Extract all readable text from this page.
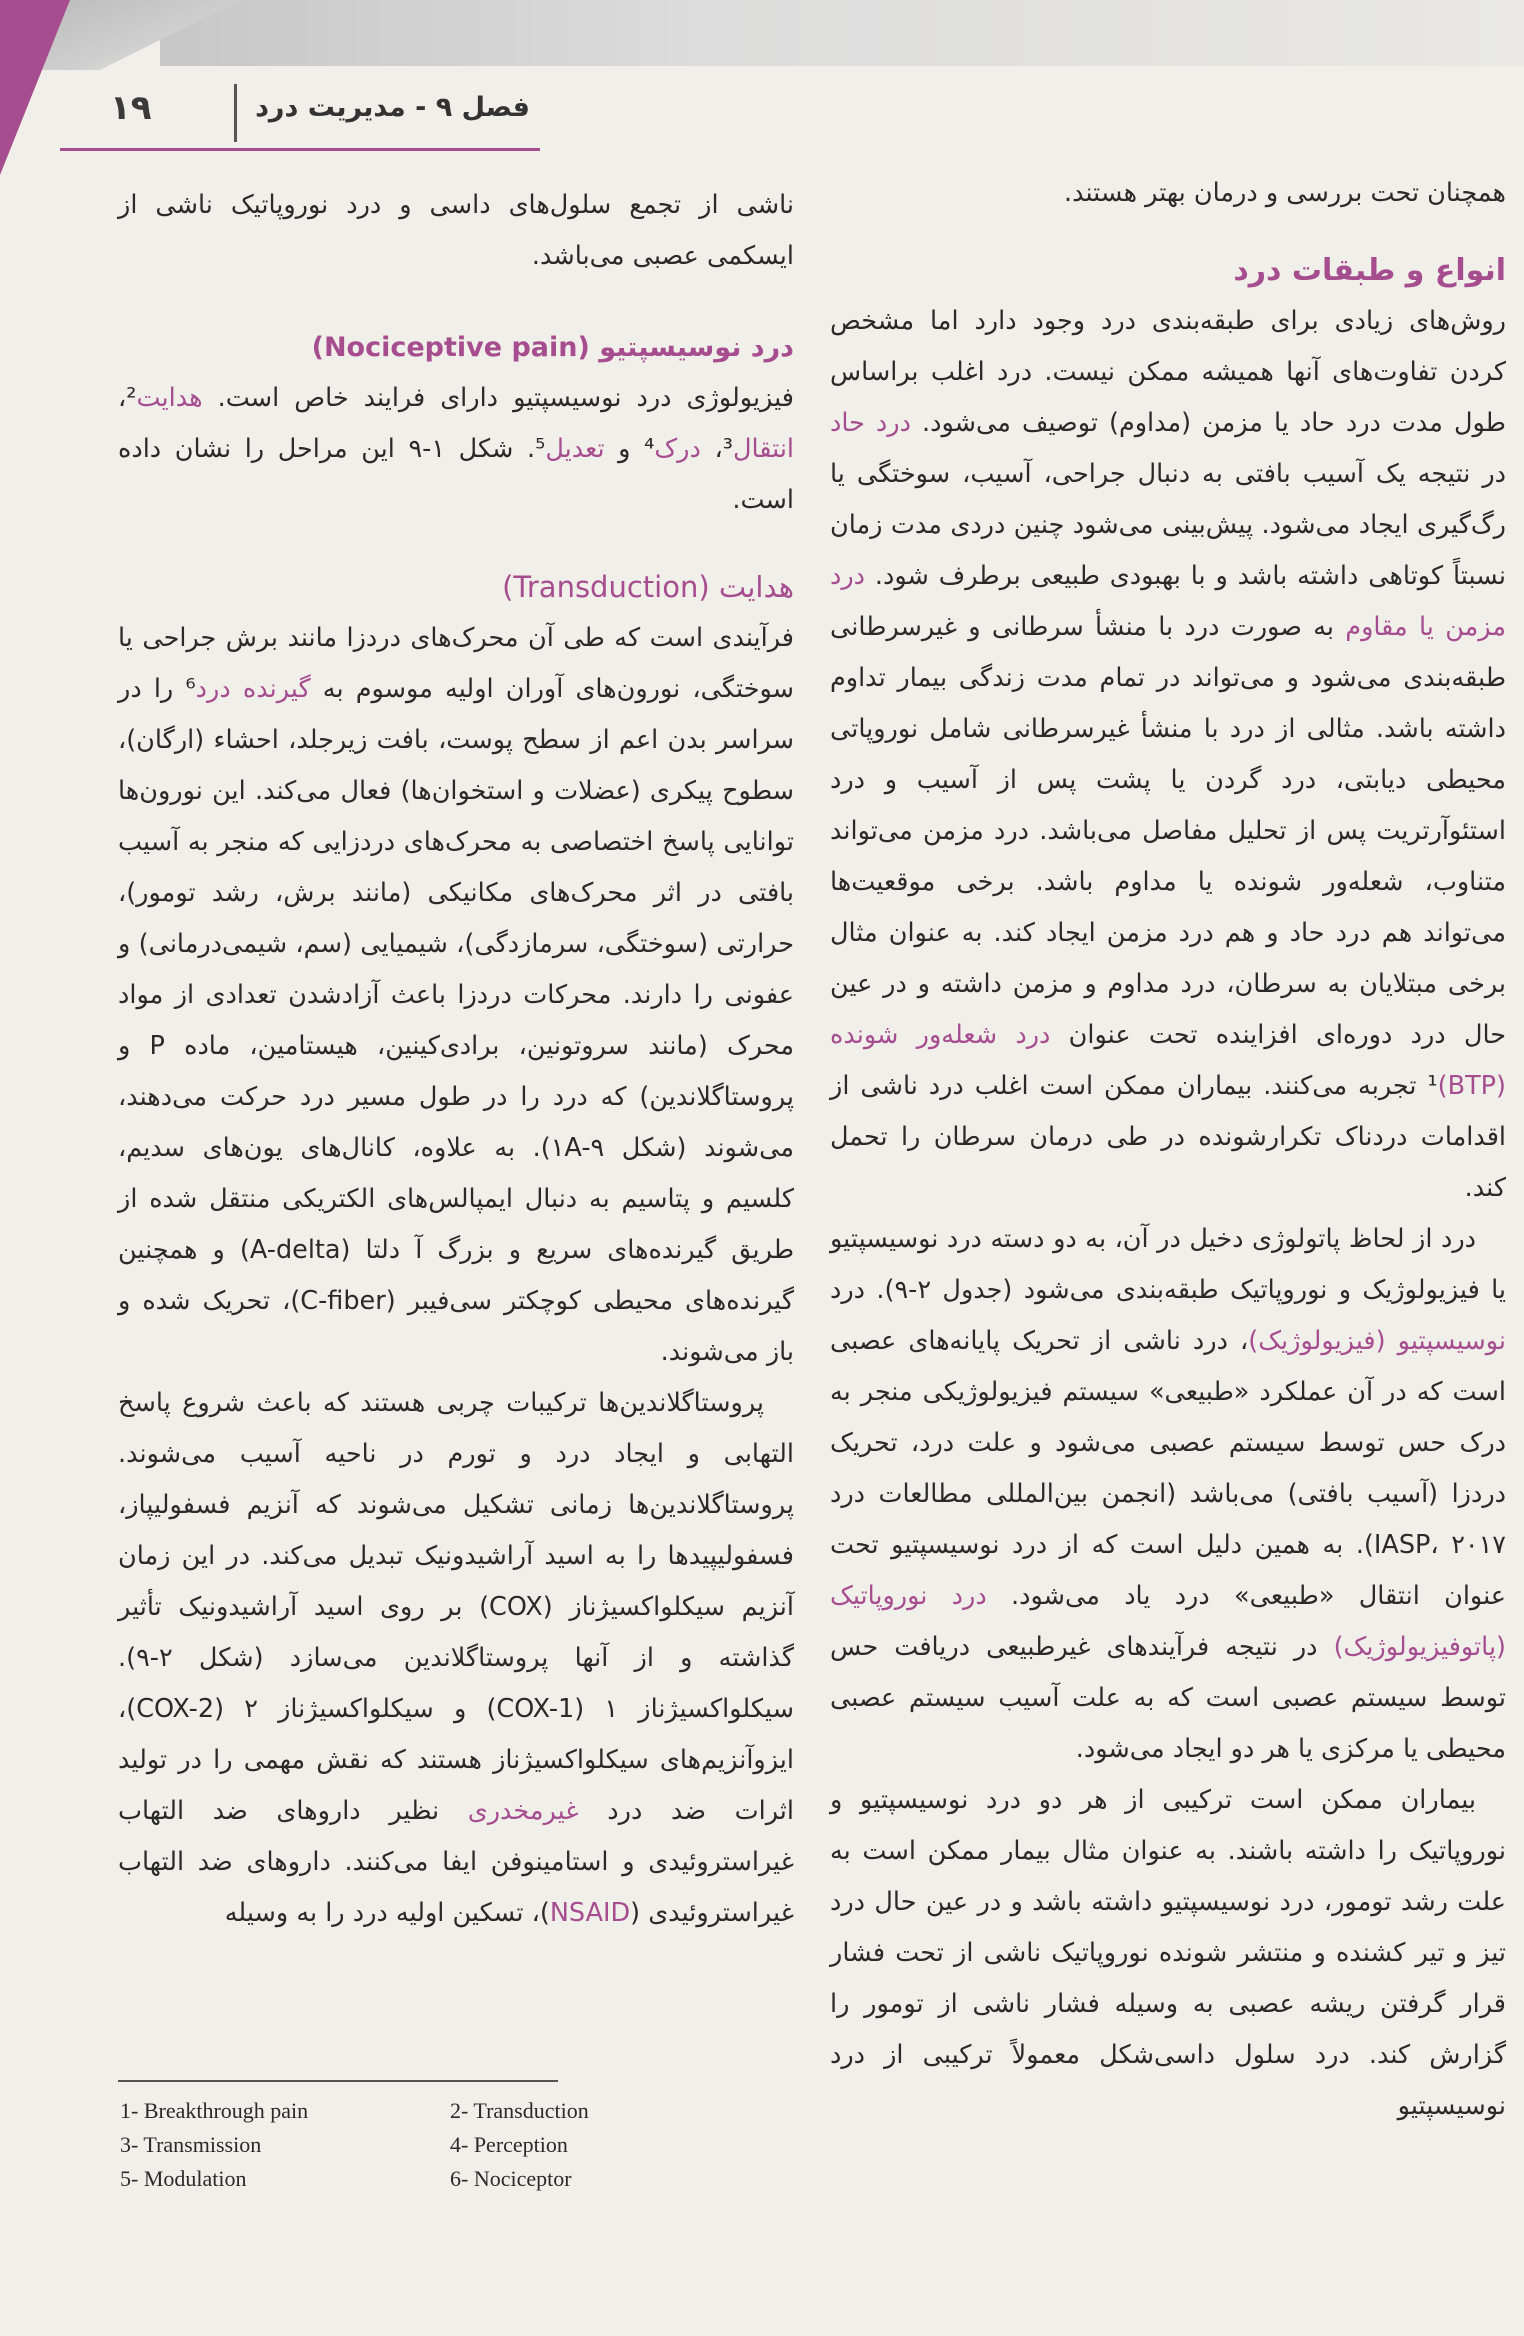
۱۹	فصل ۹ - مدیریت درد

همچنان تحت بررسی و درمان بهتر هستند.

انواع و طبقات درد

روش‌های زیادی برای طبقه‌بندی درد وجود دارد اما مشخص کردن تفاوت‌های آنها همیشه ممکن نیست. درد اغلب براساس طول مدت درد حاد یا مزمن (مداوم) توصیف می‌شود. درد حاد در نتیجه یک آسیب بافتی به دنبال جراحی، آسیب، سوختگی یا رگ‌گیری ایجاد می‌شود. پیش‌بینی می‌شود چنین دردی مدت زمان نسبتاً کوتاهی داشته باشد و با بهبودی طبیعی برطرف شود. درد مزمن یا مقاوم به صورت درد با منشأ سرطانی و غیرسرطانی طبقه‌بندی می‌شود و می‌تواند در تمام مدت زندگی بیمار تداوم داشته باشد. مثالی از درد با منشأ غیرسرطانی شامل نوروپاتی محیطی دیابتی، درد گردن یا پشت پس از آسیب و درد استئوآرتریت پس از تحلیل مفاصل می‌باشد. درد مزمن می‌تواند متناوب، شعله‌ور شونده یا مداوم باشد. برخی موقعیت‌ها می‌تواند هم درد حاد و هم درد مزمن ایجاد کند. به عنوان مثال برخی مبتلایان به سرطان، درد مداوم و مزمن داشته و در عین حال درد دوره‌ای افزاینده تحت عنوان درد شعله‌ور شونده (BTP)¹ تجربه می‌کنند. بیماران ممکن است اغلب درد ناشی از اقدامات دردناک تکرارشونده در طی درمان سرطان را تحمل کند.

درد از لحاظ پاتولوژی دخیل در آن، به دو دسته درد نوسیسپتیو یا فیزیولوژیک و نوروپاتیک طبقه‌بندی می‌شود (جدول ۲-۹). درد نوسیسپتیو (فیزیولوژیک)، درد ناشی از تحریک پایانه‌های عصبی است که در آن عملکرد «طبیعی» سیستم فیزیولوژیکی منجر به درک حس توسط سیستم عصبی می‌شود و علت درد، تحریک دردزا (آسیب بافتی) می‌باشد (انجمن بین‌المللی مطالعات درد IASP، ۲۰۱۷). به همین دلیل است که از درد نوسیسپتیو تحت عنوان انتقال «طبیعی» درد یاد می‌شود. درد نوروپاتیک (پاتوفیزیولوژیک) در نتیجه فرآیندهای غیرطبیعی دریافت حس توسط سیستم عصبی است که به علت آسیب سیستم عصبی محیطی یا مرکزی یا هر دو ایجاد می‌شود.

بیماران ممکن است ترکیبی از هر دو درد نوسیسپتیو و نوروپاتیک را داشته باشند. به عنوان مثال بیمار ممکن است به علت رشد تومور، درد نوسیسپتیو داشته باشد و در عین حال درد تیز و تیر کشنده و منتشر شونده نوروپاتیک ناشی از تحت فشار قرار گرفتن ریشه عصبی به وسیله فشار ناشی از تومور را گزارش کند. درد سلول داسی‌شکل معمولاً ترکیبی از درد نوسیسپتیو

ناشی از تجمع سلول‌های داسی و درد نوروپاتیک ناشی از ایسکمی عصبی می‌باشد.

درد نوسیسپتیو (Nociceptive pain)

فیزیولوژی درد نوسیسپتیو دارای فرایند خاص است. هدایت²، انتقال³، درک⁴ و تعدیل⁵. شکل ۱-۹ این مراحل را نشان داده است.

هدایت (Transduction)

فرآیندی است که طی آن محرک‌های دردزا مانند برش جراحی یا سوختگی، نورون‌های آوران اولیه موسوم به گیرنده درد⁶ را در سراسر بدن اعم از سطح پوست، بافت زیرجلد، احشاء (ارگان)، سطوح پیکری (عضلات و استخوان‌ها) فعال می‌کند. این نورون‌ها توانایی پاسخ اختصاصی به محرک‌های دردزایی که منجر به آسیب بافتی در اثر محرک‌های مکانیکی (مانند برش، رشد تومور)، حرارتی (سوختگی، سرمازدگی)، شیمیایی (سم، شیمی‌درمانی) و عفونی را دارند. محرکات دردزا باعث آزادشدن تعدادی از مواد محرک (مانند سروتونین، برادی‌کینین، هیستامین، ماده P و پروستاگلاندین) که درد را در طول مسیر درد حرکت می‌دهند، می‌شوند (شکل ۱A-۹). به علاوه، کانال‌های یون‌های سدیم، کلسیم و پتاسیم به دنبال ایمپالس‌های الکتریکی منتقل شده از طریق گیرنده‌های سریع و بزرگ آ دلتا (A-delta) و همچنین گیرنده‌های محیطی کوچکتر سی‌فیبر (C-fiber)، تحریک شده و باز می‌شوند.

پروستاگلاندین‌ها ترکیبات چربی هستند که باعث شروع پاسخ التهابی و ایجاد درد و تورم در ناحیه آسیب می‌شوند. پروستاگلاندین‌ها زمانی تشکیل می‌شوند که آنزیم فسفولیپاز، فسفولیپیدها را به اسید آراشیدونیک تبدیل می‌کند. در این زمان آنزیم سیکلواکسیژناز (COX) بر روی اسید آراشیدونیک تأثیر گذاشته و از آنها پروستاگلاندین می‌سازد (شکل ۲-۹). سیکلواکسیژناز ۱ (COX-1) و سیکلواکسیژناز ۲ (COX-2)، ایزوآنزیم‌های سیکلواکسیژناز هستند که نقش مهمی را در تولید اثرات ضد درد غیرمخدری نظیر داروهای ضد التهاب غیراستروئیدی و استامینوفن ایفا می‌کنند. داروهای ضد التهاب غیراستروئیدی (NSAID)، تسکین اولیه درد را به وسیله

1- Breakthrough pain	2- Transduction
3- Transmission	4- Perception
5- Modulation	6- Nociceptor
